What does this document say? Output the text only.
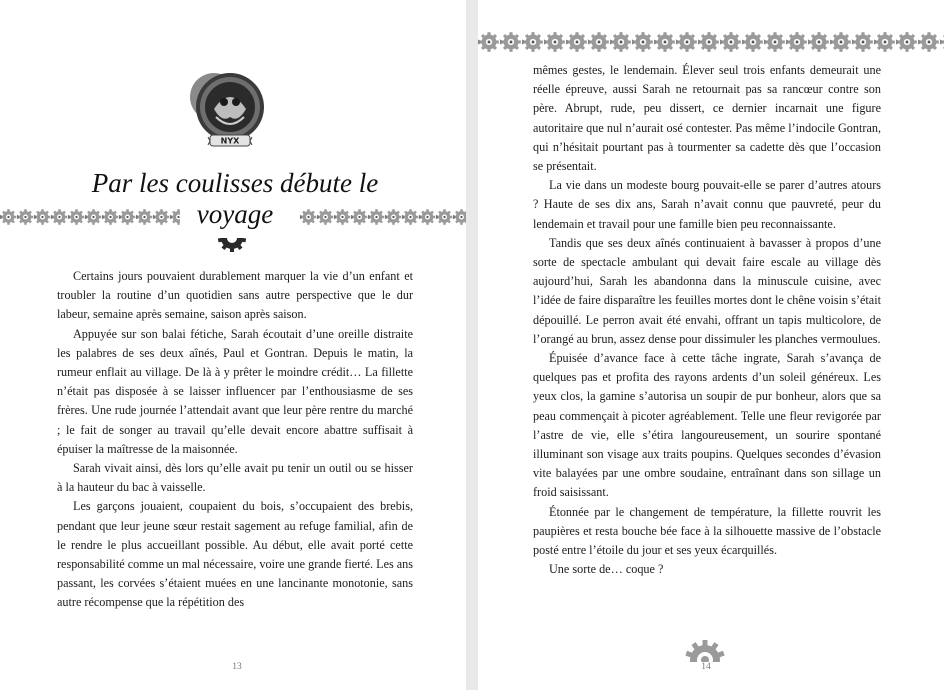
NYX
Par les coulisses débute le voyage

Certains jours pouvaient durablement marquer la vie d’un enfant et troubler la routine d’un quotidien sans autre perspective que le dur labeur, semaine après semaine, saison après saison.

Appuyée sur son balai fétiche, Sarah écoutait d’une oreille distraite les palabres de ses deux aînés, Paul et Gontran. Depuis le matin, la rumeur enflait au village. De là à y prêter le moindre crédit… La fillette n’était pas disposée à se laisser influencer par l’enthousiasme de ses frères. Une rude journée l’attendait avant que leur père rentre du marché ; le fait de songer au travail qu’elle devait encore abattre suffisait à épuiser la maîtresse de la maisonnée.

Sarah vivait ainsi, dès lors qu’elle avait pu tenir un outil ou se hisser à la hauteur du bac à vaisselle.

Les garçons jouaient, coupaient du bois, s’occupaient des brebis, pendant que leur jeune sœur restait sagement au refuge familial, afin de le rendre le plus accueillant possible. Au début, elle avait porté cette responsabilité comme un mal nécessaire, voire une grande fierté. Les ans passant, les corvées s’étaient muées en une lancinante monotonie, sans autre récompense que la répétition des

13

mêmes gestes, le lendemain. Élever seul trois enfants demeurait une réelle épreuve, aussi Sarah ne retournait pas sa rancœur contre son père. Abrupt, rude, peu dissert, ce dernier incarnait une figure autoritaire que nul n’aurait osé contester. Pas même l’indocile Gontran, qui n’hésitait pourtant pas à tourmenter sa cadette dès que l’occasion se présentait.

La vie dans un modeste bourg pouvait-elle se parer d’autres atours ? Haute de ses dix ans, Sarah n’avait connu que pauvreté, peur du lendemain et travail pour une famille bien peu reconnaissante.

Tandis que ses deux aînés continuaient à bavasser à propos d’une sorte de spectacle ambulant qui devait faire escale au village dès aujourd’hui, Sarah les abandonna dans la minuscule cuisine, avec l’idée de faire disparaître les feuilles mortes dont le chêne voisin s’était dépouillé. Le perron avait été envahi, offrant un tapis multicolore, de l’orangé au brun, assez dense pour dissimuler les planches vermoulues.

Épuisée d’avance face à cette tâche ingrate, Sarah s’avança de quelques pas et profita des rayons ardents d’un soleil généreux. Les yeux clos, la gamine s’autorisa un soupir de pur bonheur, alors que sa peau commençait à picoter agréablement. Telle une fleur revigorée par l’astre de vie, elle s’étira langoureusement, un sourire spontané illuminant son visage aux traits poupins. Quelques secondes d’évasion vite balayées par une ombre soudaine, entraînant dans son sillage un froid saisissant.

Étonnée par le changement de température, la fillette rouvrit les paupières et resta bouche bée face à la silhouette massive de l’obstacle posté entre l’étoile du jour et ses yeux écarquillés.

Une sorte de… coque ?

14
